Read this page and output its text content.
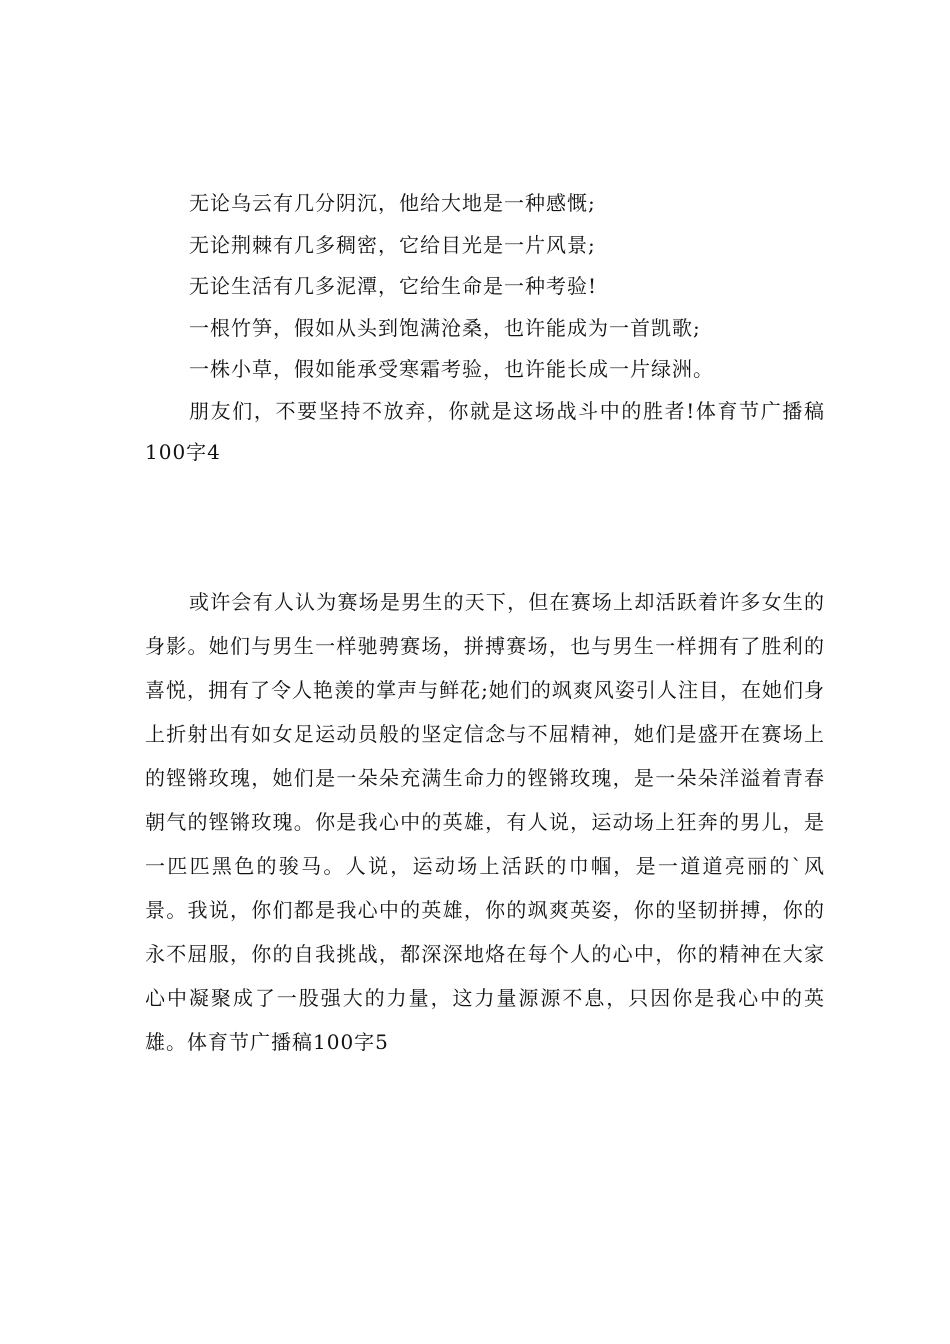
无论乌云有几分阴沉，他给大地是一种感慨;

无论荆棘有几多稠密，它给目光是一片风景;

无论生活有几多泥潭，它给生命是一种考验!

一根竹笋，假如从头到饱满沧桑，也许能成为一首凯歌;

一株小草，假如能承受寒霜考验，也许能长成一片绿洲。

朋友们，不要坚持不放弃，你就是这场战斗中的胜者!体育节广播稿100字4

或许会有人认为赛场是男生的天下，但在赛场上却活跃着许多女生的身影。她们与男生一样驰骋赛场，拼搏赛场，也与男生一样拥有了胜利的喜悦，拥有了令人艳羡的掌声与鲜花;她们的飒爽风姿引人注目，在她们身上折射出有如女足运动员般的坚定信念与不屈精神，她们是盛开在赛场上的铿锵玫瑰，她们是一朵朵充满生命力的铿锵玫瑰，是一朵朵洋溢着青春朝气的铿锵玫瑰。你是我心中的英雄，有人说，运动场上狂奔的男儿，是一匹匹黑色的骏马。人说，运动场上活跃的巾帼，是一道道亮丽的`风景。我说，你们都是我心中的英雄，你的飒爽英姿，你的坚韧拼搏，你的永不屈服，你的自我挑战，都深深地烙在每个人的心中，你的精神在大家心中凝聚成了一股强大的力量，这力量源源不息，只因你是我心中的英雄。体育节广播稿100字5
